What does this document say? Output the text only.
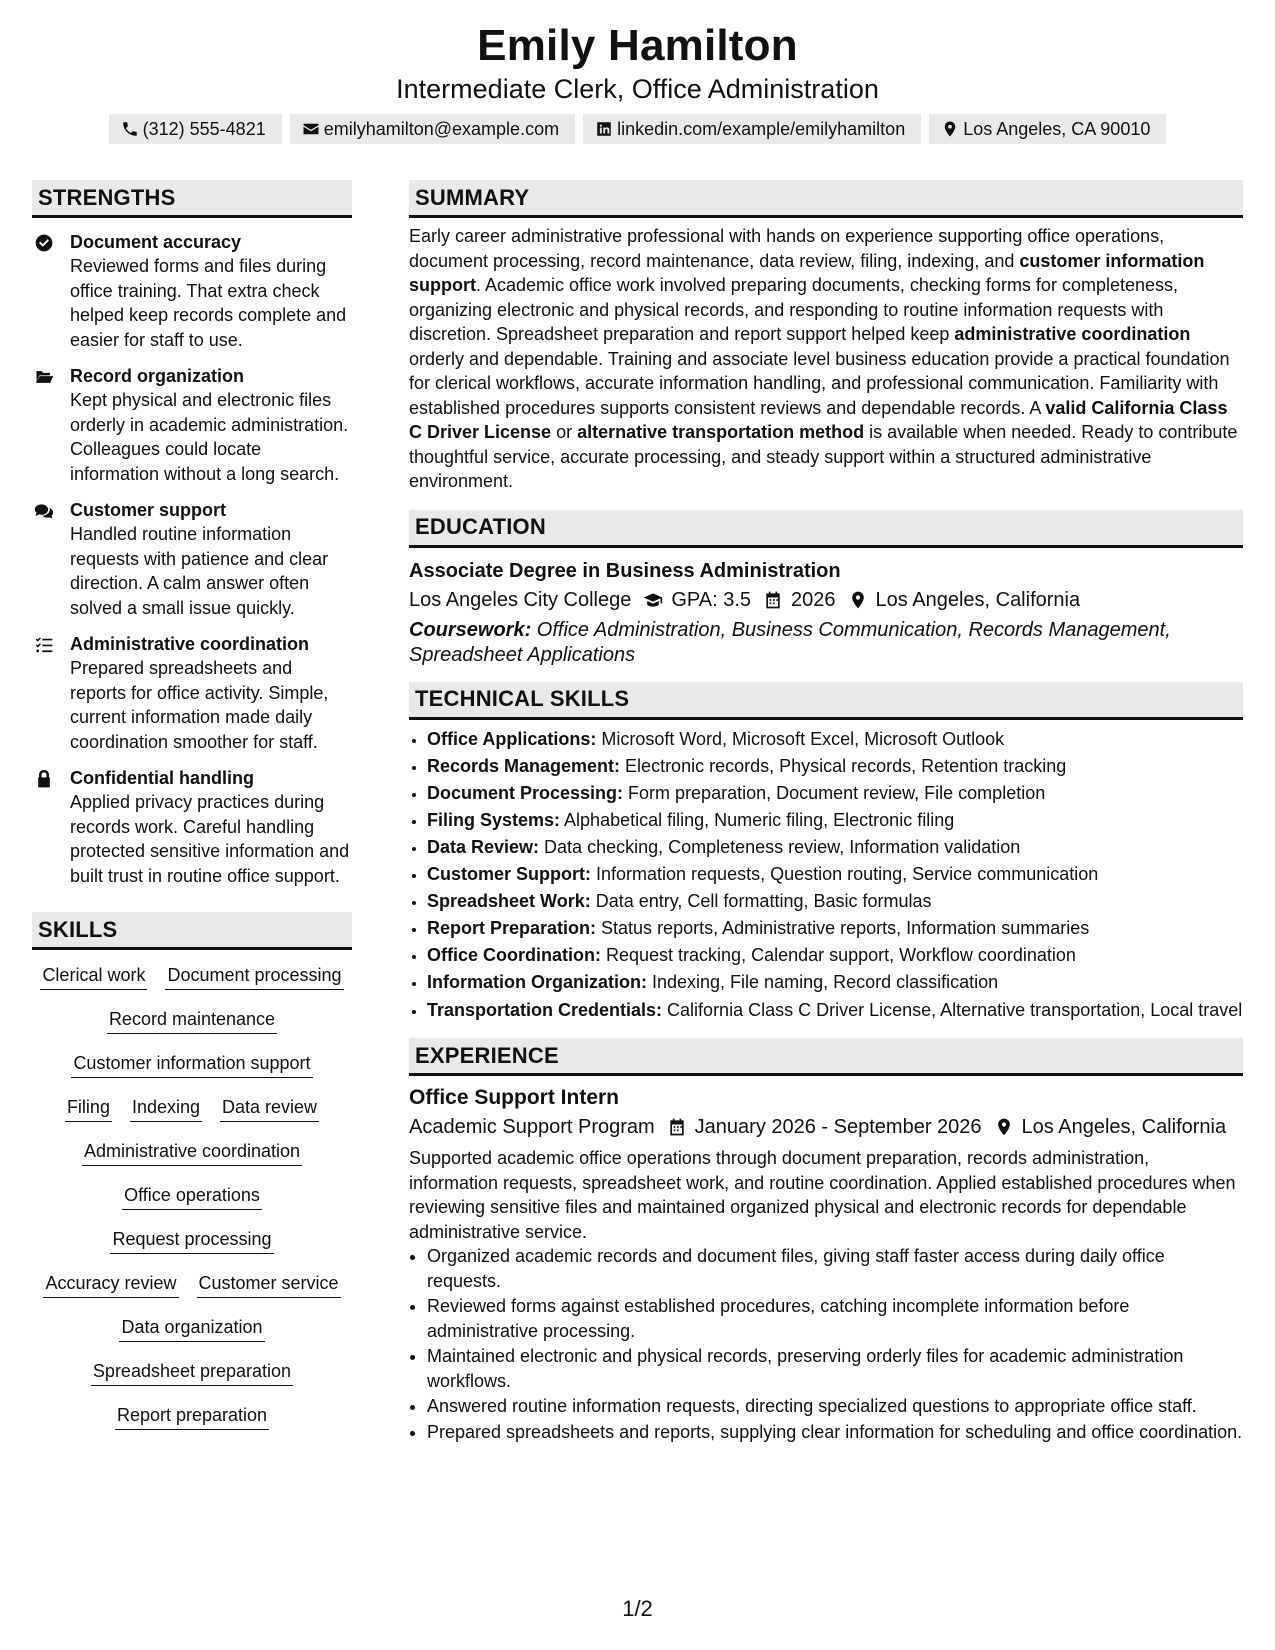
Emily Hamilton
Intermediate Clerk, Office Administration
(312) 555-4821	emilyhamilton@example.com	linkedin.com/example/emilyhamilton	Los Angeles, CA 90010
STRENGTHS
Document accuracy
Reviewed forms and files during office training. That extra check helped keep records complete and easier for staff to use.
Record organization
Kept physical and electronic files orderly in academic administration. Colleagues could locate information without a long search.
Customer support
Handled routine information requests with patience and clear direction. A calm answer often solved a small issue quickly.
Administrative coordination
Prepared spreadsheets and reports for office activity. Simple, current information made daily coordination smoother for staff.
Confidential handling
Applied privacy practices during records work. Careful handling protected sensitive information and built trust in routine office support.
SKILLS
Clerical work Document processing
Record maintenance
Customer information support
Filing Indexing Data review
Administrative coordination
Office operations
Request processing
Accuracy review Customer service
Data organization
Spreadsheet preparation
Report preparation
SUMMARY
Early career administrative professional with hands on experience supporting office operations, document processing, record maintenance, data review, filing, indexing, and customer information support. Academic office work involved preparing documents, checking forms for completeness, organizing electronic and physical records, and responding to routine information requests with discretion. Spreadsheet preparation and report support helped keep administrative coordination orderly and dependable. Training and associate level business education provide a practical foundation for clerical workflows, accurate information handling, and professional communication. Familiarity with established procedures supports consistent reviews and dependable records. A valid California Class C Driver License or alternative transportation method is available when needed. Ready to contribute thoughtful service, accurate processing, and steady support within a structured administrative environment.
EDUCATION
Associate Degree in Business Administration
Los Angeles City College GPA: 3.5 2026 Los Angeles, California
Coursework: Office Administration, Business Communication, Records Management, Spreadsheet Applications
TECHNICAL SKILLS
• Office Applications: Microsoft Word, Microsoft Excel, Microsoft Outlook
• Records Management: Electronic records, Physical records, Retention tracking
• Document Processing: Form preparation, Document review, File completion
• Filing Systems: Alphabetical filing, Numeric filing, Electronic filing
• Data Review: Data checking, Completeness review, Information validation
• Customer Support: Information requests, Question routing, Service communication
• Spreadsheet Work: Data entry, Cell formatting, Basic formulas
• Report Preparation: Status reports, Administrative reports, Information summaries
• Office Coordination: Request tracking, Calendar support, Workflow coordination
• Information Organization: Indexing, File naming, Record classification
• Transportation Credentials: California Class C Driver License, Alternative transportation, Local travel
EXPERIENCE
Office Support Intern
Academic Support Program January 2026 - September 2026 Los Angeles, California
Supported academic office operations through document preparation, records administration, information requests, spreadsheet work, and routine coordination. Applied established procedures when reviewing sensitive files and maintained organized physical and electronic records for dependable administrative service.
• Organized academic records and document files, giving staff faster access during daily office requests.
• Reviewed forms against established procedures, catching incomplete information before administrative processing.
• Maintained electronic and physical records, preserving orderly files for academic administration workflows.
• Answered routine information requests, directing specialized questions to appropriate office staff.
• Prepared spreadsheets and reports, supplying clear information for scheduling and office coordination.
1/2
